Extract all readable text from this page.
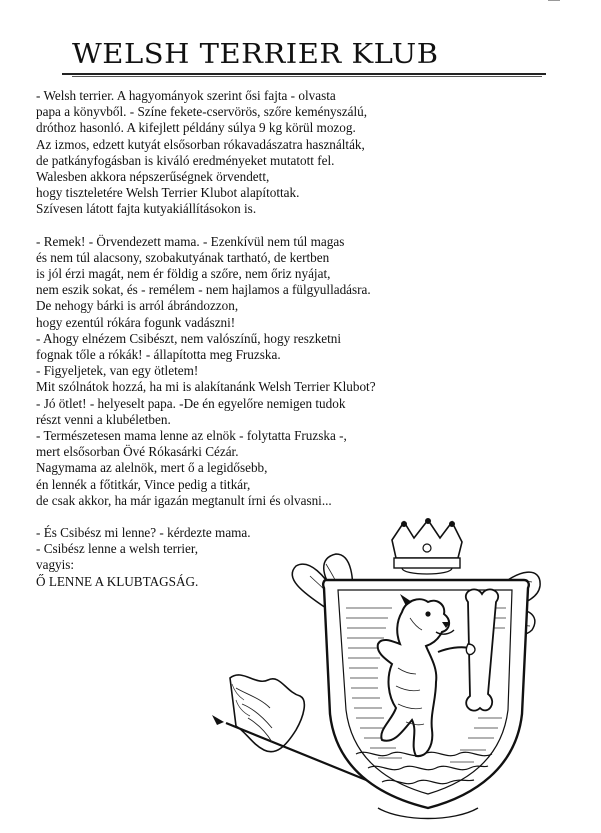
WELSH TERRIER KLUB
- Welsh terrier. A hagyományok szerint ősi fajta - olvasta
papa a könyvből. - Színe fekete-cservörös, szőre keményszálú,
dróthoz hasonló. A kifejlett példány súlya 9 kg körül mozog.
Az izmos, edzett kutyát elsősorban rókavadászatra használták,
de patkányfogásban is kiváló eredményeket mutatott fel.
Walesben akkora népszerűségnek örvendett,
hogy tiszteletére Welsh Terrier Klubot alapítottak.
Szívesen látott fajta kutyakiállításokon is.
- Remek! - Örvendezett mama. - Ezenkívül nem túl magas
és nem túl alacsony, szobakutyának tartható, de kertben
is jól érzi magát, nem ér földig a szőre, nem őriz nyájat,
nem eszik sokat, és - remélem - nem hajlamos a fülgyulladásra.
De nehogy bárki is arról ábrándozzon,
hogy ezentúl rókára fogunk vadászni!
- Ahogy elnézem Csibészt, nem valószínű, hogy reszketni
fognak tőle a rókák! - állapította meg Fruzska.
- Figyeljetek, van egy ötletem!
Mit szólnátok hozzá, ha mi is alakítanánk Welsh Terrier Klubot?
- Jó ötlet! - helyeselt papa. -De én egyelőre nemigen tudok
részt venni a klubéletben.
- Természetesen mama lenne az elnök - folytatta Fruzska -,
mert elsősorban Övé Rókasárki Cézár.
Nagymama az alelnök, mert ő a legidősebb,
én lennék a főtitkár, Vince pedig a titkár,
de csak akkor, ha már igazán megtanult írni és olvasni...
- És Csibész mi lenne? - kérdezte mama.
- Csibész lenne a welsh terrier,
vagyis:
Ő LENNE A KLUBTAGSÁG.
